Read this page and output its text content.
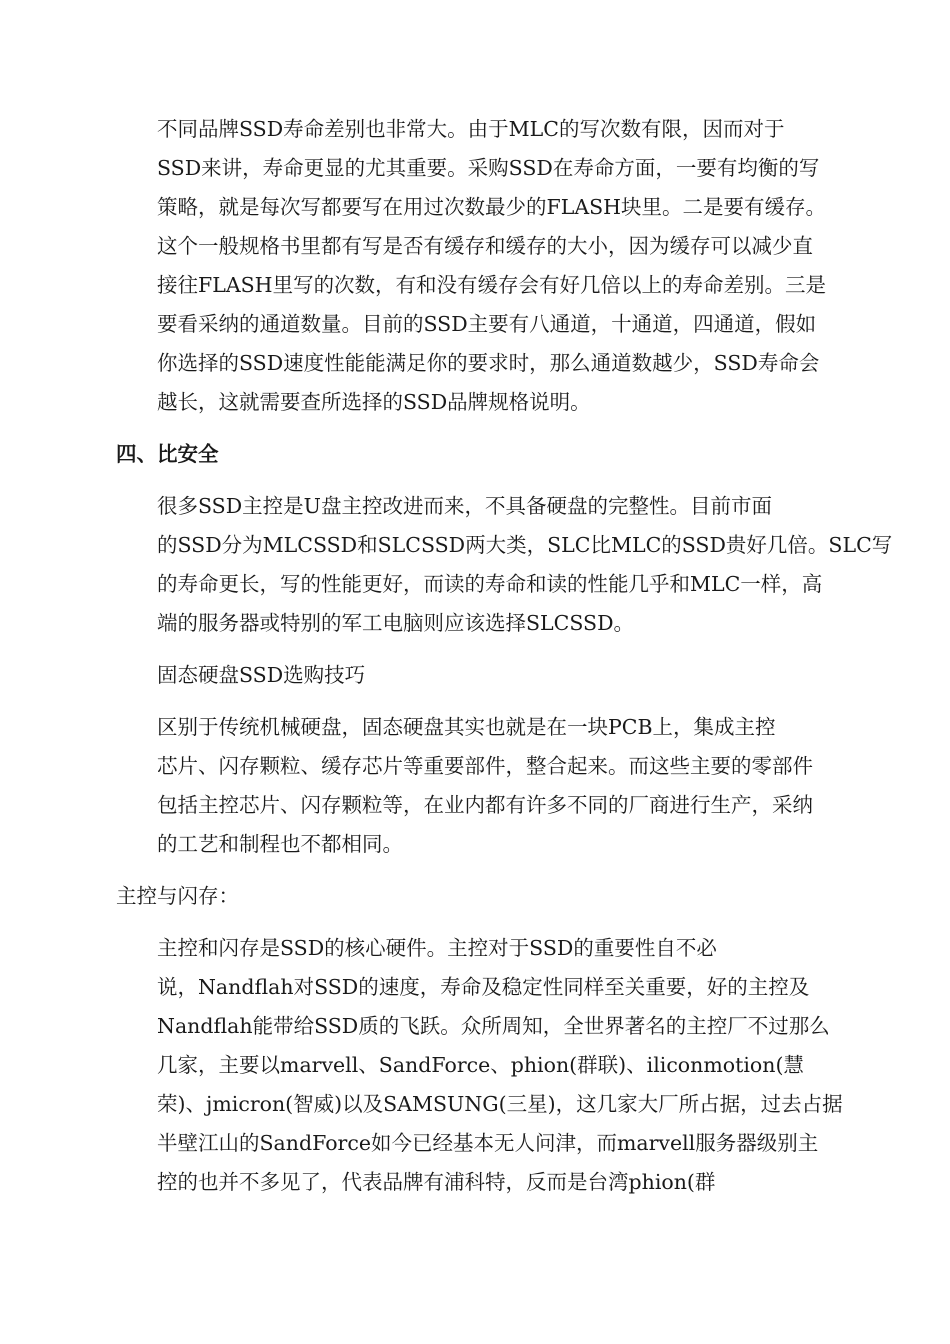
不同品牌SSD寿命差别也非常大。由于MLC的写次数有限，因而对于
SSD来讲，寿命更显的尤其重要。采购SSD在寿命方面，一要有均衡的写
策略，就是每次写都要写在用过次数最少的FLASH块里。二是要有缓存。
这个一般规格书里都有写是否有缓存和缓存的大小，因为缓存可以减少直
接往FLASH里写的次数，有和没有缓存会有好几倍以上的寿命差别。三是
要看采纳的通道数量。目前的SSD主要有八通道，十通道，四通道，假如
你选择的SSD速度性能能满足你的要求时，那么通道数越少，SSD寿命会
越长，这就需要查所选择的SSD品牌规格说明。
四、比安全
很多SSD主控是U盘主控改进而来，不具备硬盘的完整性。目前市面
的SSD分为MLCSSD和SLCSSD两大类，SLC比MLC的SSD贵好几倍。SLC写
的寿命更长，写的性能更好，而读的寿命和读的性能几乎和MLC一样，高
端的服务器或特别的军工电脑则应该选择SLCSSD。
固态硬盘SSD选购技巧
区别于传统机械硬盘，固态硬盘其实也就是在一块PCB上，集成主控
芯片、闪存颗粒、缓存芯片等重要部件，整合起来。而这些主要的零部件
包括主控芯片、闪存颗粒等，在业内都有许多不同的厂商进行生产，采纳
的工艺和制程也不都相同。
主控与闪存：
主控和闪存是SSD的核心硬件。主控对于SSD的重要性自不必
说，Nandflah对SSD的速度，寿命及稳定性同样至关重要，好的主控及
Nandflah能带给SSD质的飞跃。众所周知，全世界著名的主控厂不过那么
几家，主要以marvell、SandForce、phion(群联)、iliconmotion(慧
荣)、jmicron(智威)以及SAMSUNG(三星)，这几家大厂所占据，过去占据
半壁江山的SandForce如今已经基本无人问津，而marvell服务器级别主
控的也并不多见了，代表品牌有浦科特，反而是台湾phion(群
